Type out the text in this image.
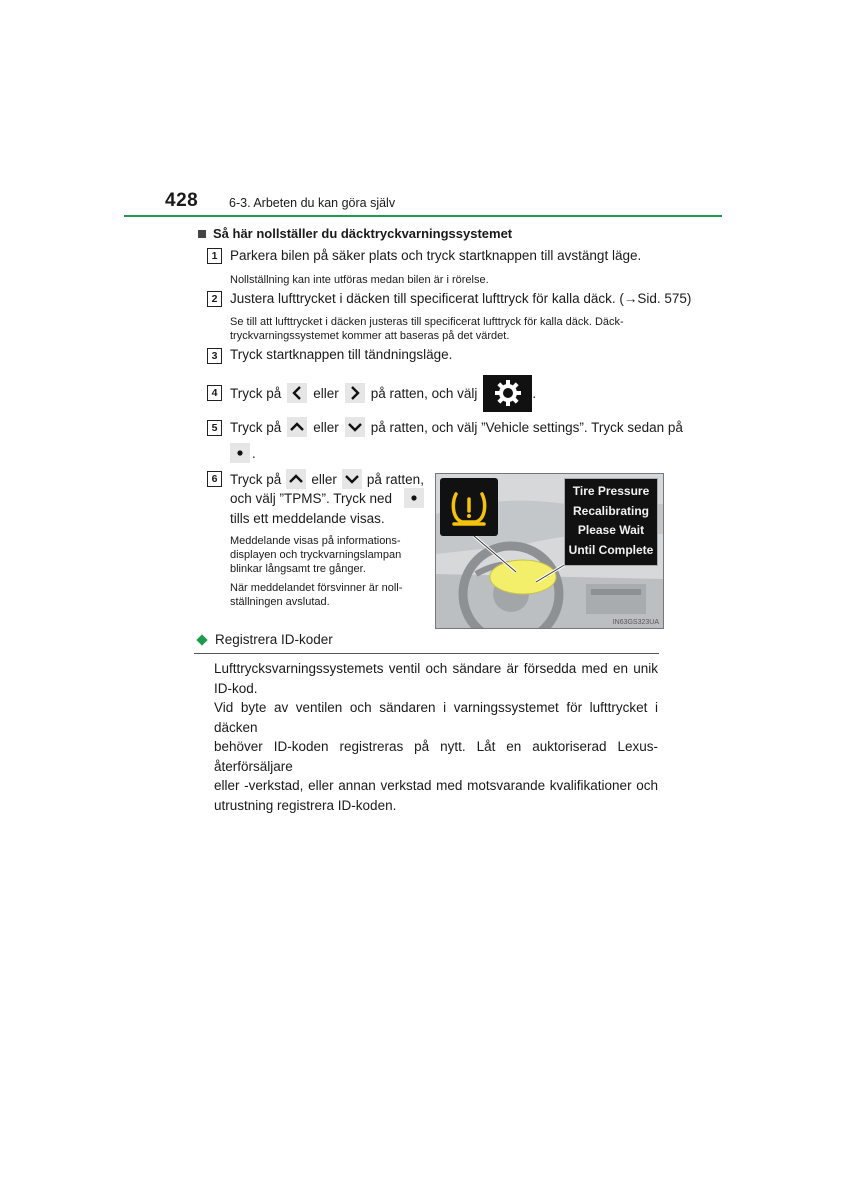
428 6-3. Arbeten du kan göra själv
Så här nollställer du däcktryckvarningssystemet
1 Parkera bilen på säker plats och tryck startknappen till avstängt läge.
Nollställning kan inte utföras medan bilen är i rörelse.
2 Justera lufttrycket i däcken till specificerat lufttryck för kalla däck. (→Sid. 575)
Se till att lufttrycket i däcken justeras till specificerat lufttryck för kalla däck. Däck-
tryckvarningssystemet kommer att baseras på det värdet.
3 Tryck startknappen till tändningsläge.
4 Tryck på eller på ratten, och välj	.
5 Tryck på eller på ratten, och välj ”Vehicle settings”. Tryck sedan på
.
6 Tryck på eller på ratten,
och välj ”TPMS”. Tryck ned
tills ett meddelande visas.
Meddelande visas på informations-
displayen och tryckvarningslampan
blinkar långsamt tre gånger.
När meddelandet försvinner är noll-
ställningen avslutad.
Tire Pressure
Recalibrating
Please Wait
Until Complete
IN63GS323UA
Registrera ID-koder
Lufttrycksvarningssystemets ventil och sändare är försedda med en unik ID-kod.
Vid byte av ventilen och sändaren i varningssystemet för lufttrycket i däcken
behöver ID-koden registreras på nytt. Låt en auktoriserad Lexus-återförsäljare
eller -verkstad, eller annan verkstad med motsvarande kvalifikationer och
utrustning registrera ID-koden.
